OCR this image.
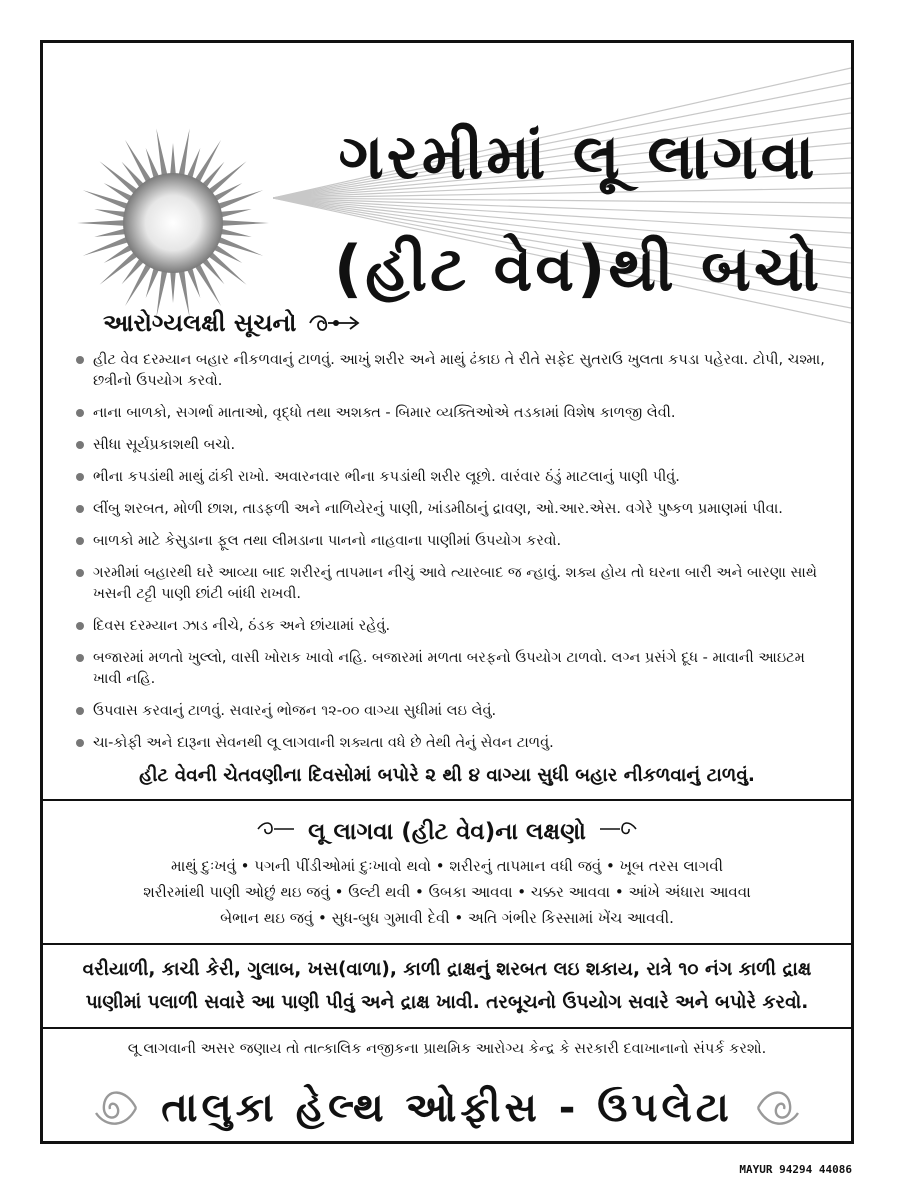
ગરમીમાં લૂ લાગવા
(હીટ વેવ)થી બચો
આરોગ્યલક્ષી સૂચનો
હીટ વેવ દરમ્યાન બહાર નીકળવાનું ટાળવું. આખું શરીર અને માથું ઢંકાઇ તે રીતે સફેદ સુતરાઉ ખુલતા કપડા પહેરવા. ટોપી, ચશ્મા, છત્રીનો ઉપયોગ કરવો.
નાના બાળકો, સગર્ભા માતાઓ, વૃદ્ધો તથા અશક્ત - બિમાર વ્યક્તિઓએ તડકામાં વિશેષ કાળજી લેવી.
સીધા સૂર્યપ્રકાશથી બચો.
ભીના કપડાંથી માથું ઢાંકી રાખો. અવારનવાર ભીના કપડાંથી શરીર લૂછો. વારંવાર ઠંડું માટલાનું પાણી પીવું.
લીંબુ શરબત, મોળી છાશ, તાડફળી અને નાળિયેરનું પાણી, ખાંડમીઠાનું દ્રાવણ, ઓ.આર.એસ. વગેરે પુષ્કળ પ્રમાણમાં પીવા.
બાળકો માટે કેસુડાના ફૂલ તથા લીમડાના પાનનો નાહવાના પાણીમાં ઉપયોગ કરવો.
ગરમીમાં બહારથી ઘરે આવ્યા બાદ શરીરનું તાપમાન નીચું આવે ત્યારબાદ જ ન્હાવું. શક્ય હોય તો ઘરના બારી અને બારણા સાથે ખસની ટટ્ટી પાણી છાંટી બાંધી રાખવી.
દિવસ દરમ્યાન ઝાડ નીચે, ઠંડક અને છાંયામાં રહેવું.
બજારમાં મળતો ખુલ્લો, વાસી ખોરાક ખાવો નહિ. બજારમાં મળતા બરફનો ઉપયોગ ટાળવો. લગ્ન પ્રસંગે દૂધ - માવાની આઇટમ ખાવી નહિ.
ઉપવાસ કરવાનું ટાળવું. સવારનું ભોજન ૧૨-૦૦ વાગ્યા સુધીમાં લઇ લેવું.
ચા-કોફી અને દારૂના સેવનથી લૂ લાગવાની શક્યતા વધે છે તેથી તેનું સેવન ટાળવું.

હીટ વેવની ચેતવણીના દિવસોમાં બપોરે ૨ થી ૪ વાગ્યા સુધી બહાર નીકળવાનું ટાળવું.

લૂ લાગવા (હીટ વેવ)ના લક્ષણો
માથું દુઃખવું • પગની પીંડીઓમાં દુઃખાવો થવો • શરીરનું તાપમાન વધી જવું • ખૂબ તરસ લાગવી
શરીરમાંથી પાણી ઓછું થઇ જવું • ઉલ્ટી થવી • ઉબકા આવવા • ચક્કર આવવા • આંખે અંધારા આવવા
બેભાન થઇ જવું • સુધ-બુધ ગુમાવી દેવી • અતિ ગંભીર કિસ્સામાં ખેંચ આવવી.
વરીયાળી, કાચી કેરી, ગુલાબ, ખસ(વાળા), કાળી દ્રાક્ષનું શરબત લઇ શકાય, રાત્રે ૧૦ નંગ કાળી દ્રાક્ષ
પાણીમાં પલાળી સવારે આ પાણી પીવું અને દ્રાક્ષ ખાવી. તરબૂચનો ઉપયોગ સવારે અને બપોરે કરવો.
લૂ લાગવાની અસર જણાય તો તાત્કાલિક નજીકના પ્રાથમિક આરોગ્ય કેન્દ્ર કે સરકારી દવાખાનાનો સંપર્ક કરશો.
તાલુકા હેલ્થ ઓફીસ - ઉપલેટા
MAYUR 94294 44086
